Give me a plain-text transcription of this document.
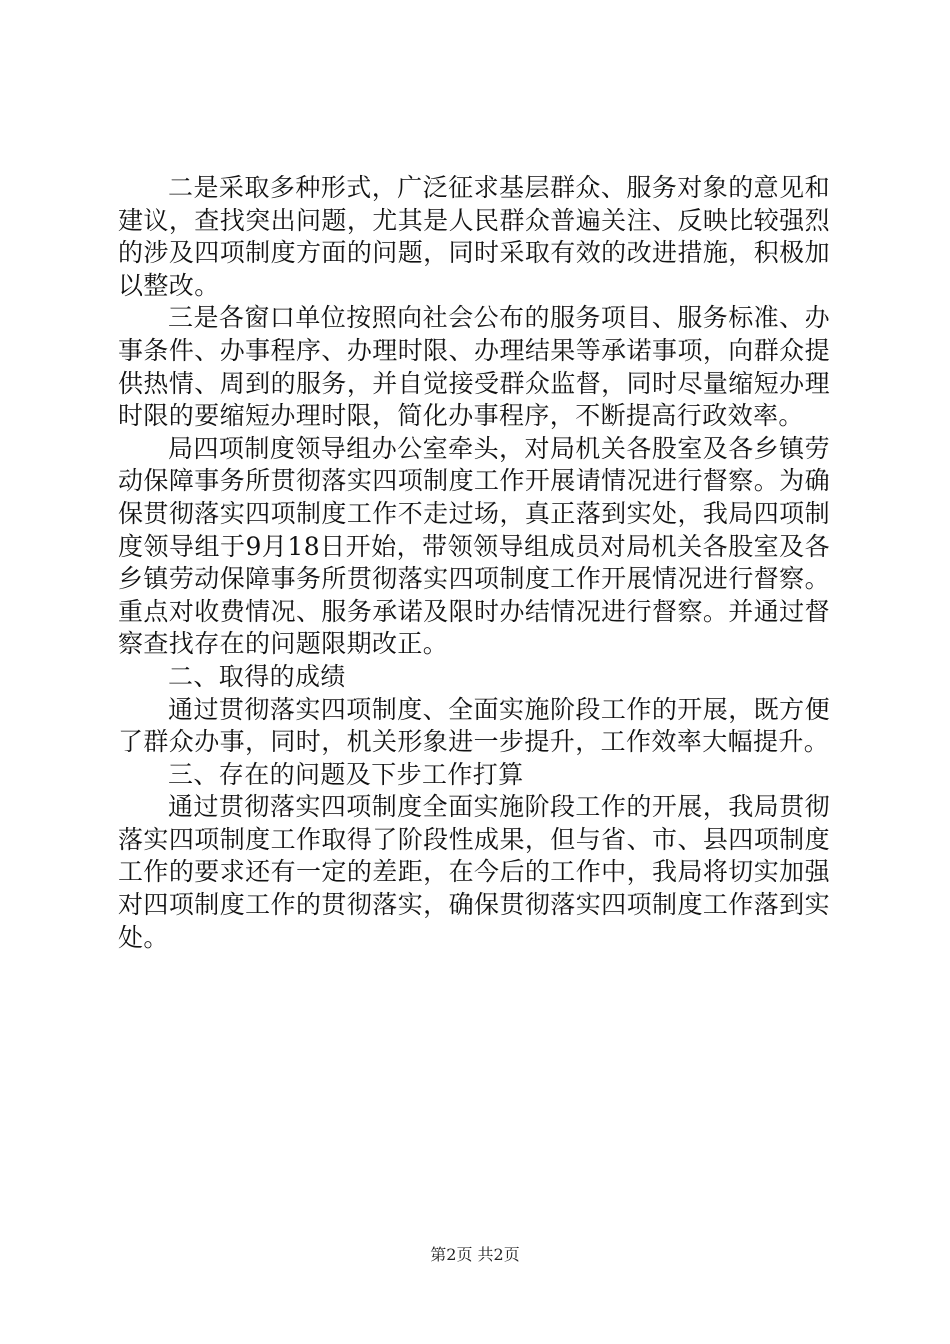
二是采取多种形式，广泛征求基层群众、服务对象的意见和建议，查找突出问题，尤其是人民群众普遍关注、反映比较强烈的涉及四项制度方面的问题，同时采取有效的改进措施，积极加以整改。

三是各窗口单位按照向社会公布的服务项目、服务标准、办事条件、办事程序、办理时限、办理结果等承诺事项，向群众提供热情、周到的服务，并自觉接受群众监督，同时尽量缩短办理时限的要缩短办理时限，简化办事程序，不断提高行政效率。

局四项制度领导组办公室牵头，对局机关各股室及各乡镇劳动保障事务所贯彻落实四项制度工作开展请情况进行督察。为确保贯彻落实四项制度工作不走过场，真正落到实处，我局四项制度领导组于9月18日开始，带领领导组成员对局机关各股室及各乡镇劳动保障事务所贯彻落实四项制度工作开展情况进行督察。重点对收费情况、服务承诺及限时办结情况进行督察。并通过督察查找存在的问题限期改正。

二、取得的成绩

通过贯彻落实四项制度、全面实施阶段工作的开展，既方便了群众办事，同时，机关形象进一步提升，工作效率大幅提升。

三、存在的问题及下步工作打算

通过贯彻落实四项制度全面实施阶段工作的开展，我局贯彻落实四项制度工作取得了阶段性成果，但与省、市、县四项制度工作的要求还有一定的差距，在今后的工作中，我局将切实加强对四项制度工作的贯彻落实，确保贯彻落实四项制度工作落到实处。

第2页 共2页
